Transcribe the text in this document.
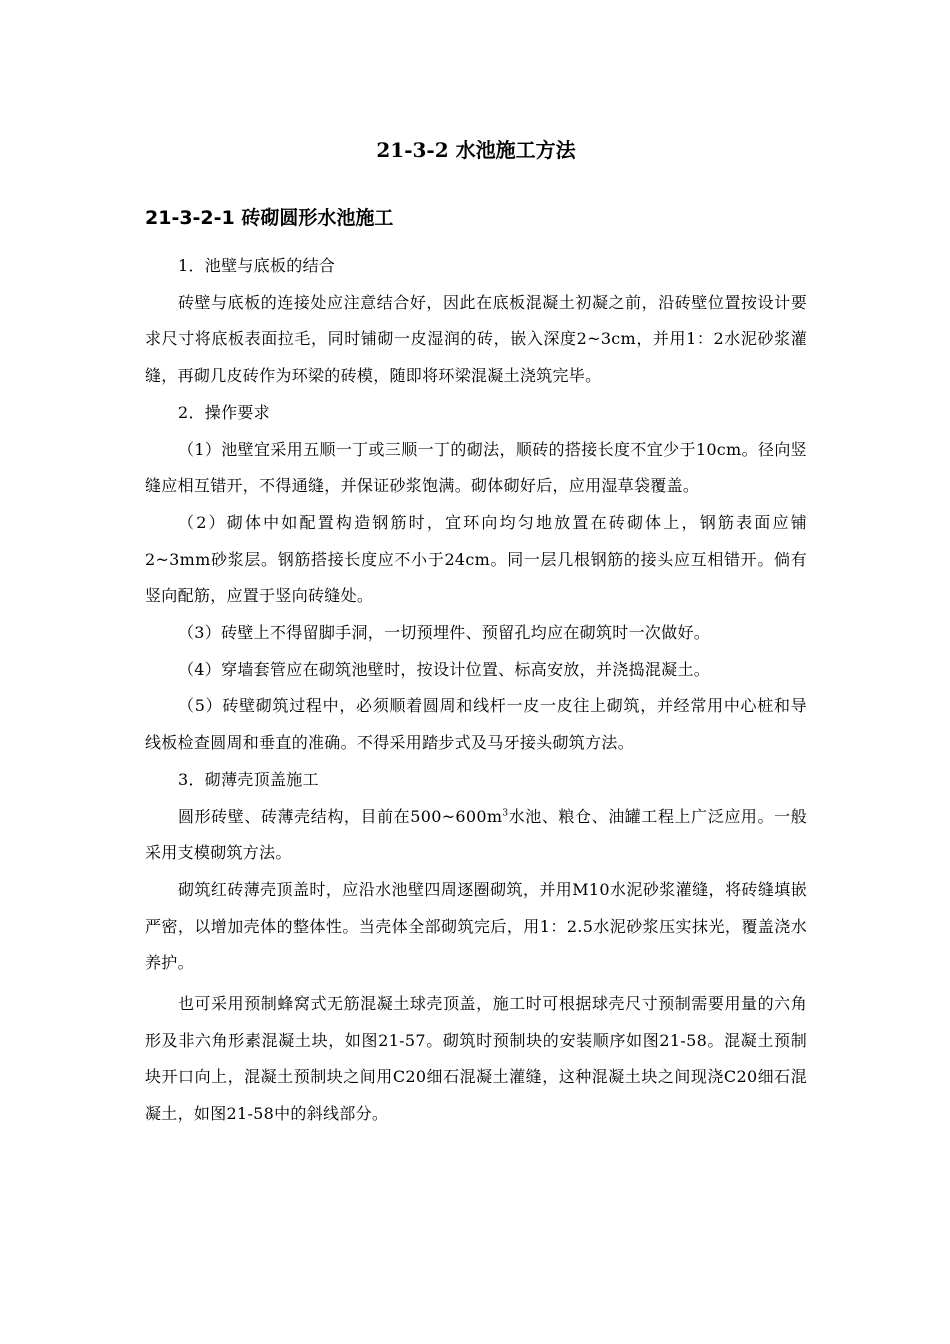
21-3-2 水池施工方法
21-3-2-1 砖砌圆形水池施工

1．池壁与底板的结合

砖壁与底板的连接处应注意结合好，因此在底板混凝土初凝之前，沿砖壁位置按设计要求尺寸将底板表面拉毛，同时铺砌一皮湿润的砖，嵌入深度2~3cm，并用1：2水泥砂浆灌缝，再砌几皮砖作为环梁的砖模，随即将环梁混凝土浇筑完毕。

2．操作要求

（1）池壁宜采用五顺一丁或三顺一丁的砌法，顺砖的搭接长度不宜少于10cm。径向竖缝应相互错开，不得通缝，并保证砂浆饱满。砌体砌好后，应用湿草袋覆盖。

（2）砌体中如配置构造钢筋时，宜环向均匀地放置在砖砌体上，钢筋表面应铺2~3mm砂浆层。钢筋搭接长度应不小于24cm。同一层几根钢筋的接头应互相错开。倘有竖向配筋，应置于竖向砖缝处。

（3）砖壁上不得留脚手洞，一切预埋件、预留孔均应在砌筑时一次做好。

（4）穿墙套管应在砌筑池壁时，按设计位置、标高安放，并浇捣混凝土。

（5）砖壁砌筑过程中，必须顺着圆周和线杆一皮一皮往上砌筑，并经常用中心桩和导线板检查圆周和垂直的准确。不得采用踏步式及马牙接头砌筑方法。

3．砌薄壳顶盖施工

圆形砖壁、砖薄壳结构，目前在$500\sim 600m^3$水池、粮仓、油罐工程上广泛应用。一般采用支模砌筑方法。

砌筑红砖薄壳顶盖时，应沿水池壁四周逐圈砌筑，并用M10水泥砂浆灌缝，将砖缝填嵌严密，以增加壳体的整体性。当壳体全部砌筑完后，用1：2.5水泥砂浆压实抹光，覆盖浇水养护。

也可采用预制蜂窝式无筋混凝土球壳顶盖，施工时可根据球壳尺寸预制需要用量的六角形及非六角形素混凝土块，如图21-57。砌筑时预制块的安装顺序如图21-58。混凝土预制块开口向上，混凝土预制块之间用C20细石混凝土灌缝，这种混凝土块之间现浇C20细石混凝土，如图21-58中的斜线部分。
